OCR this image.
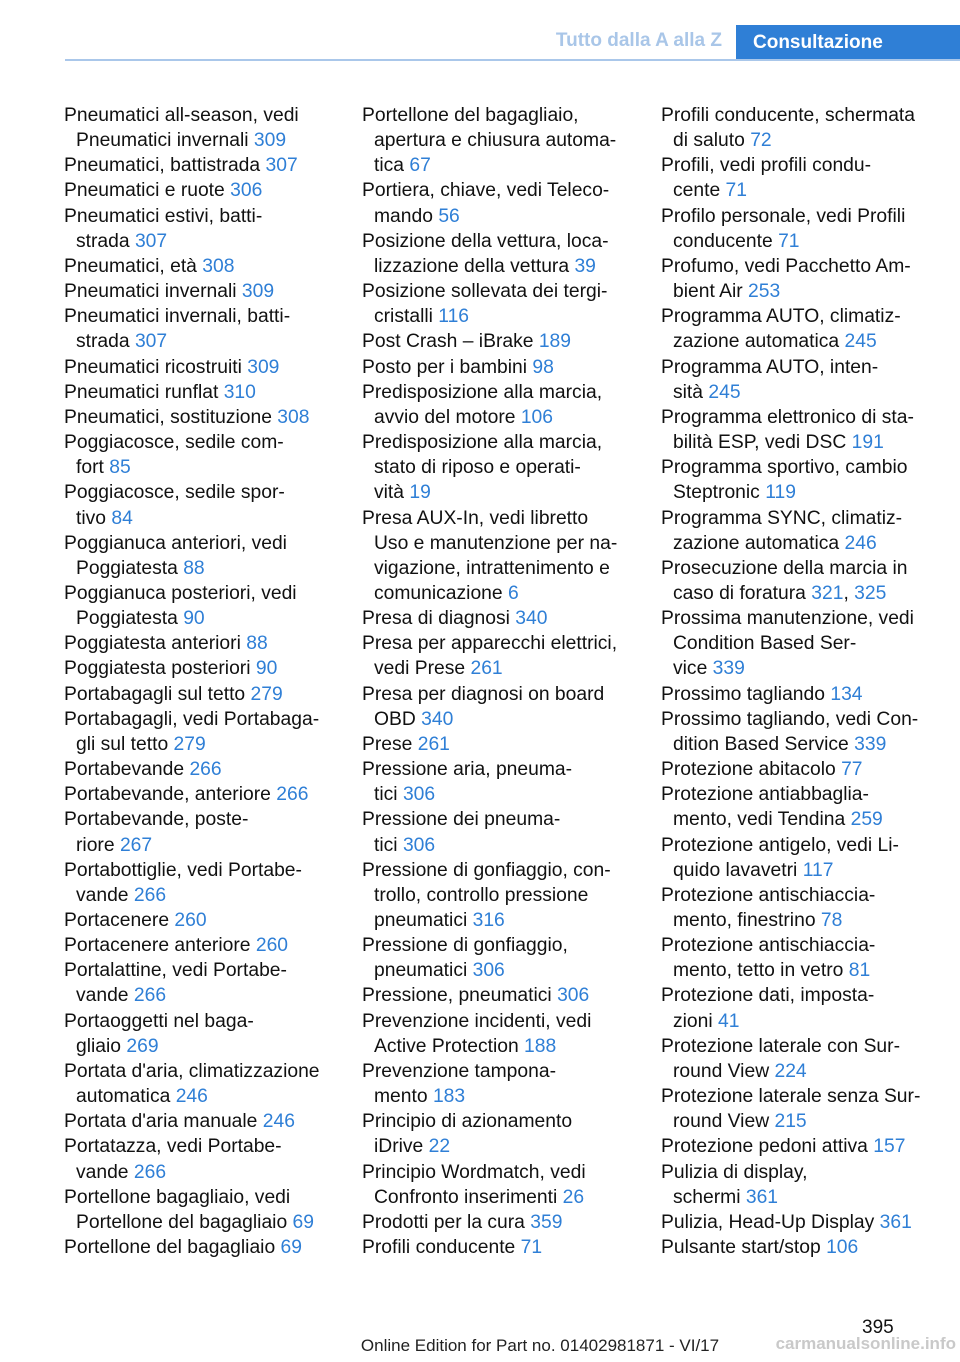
Tutto dalla A alla Z	Consultazione
Pneumatici all-season, vedi
Pneumatici invernali 309
Pneumatici, battistrada 307
Pneumatici e ruote 306
Pneumatici estivi, batti-
strada 307
Pneumatici, età 308
Pneumatici invernali 309
Pneumatici invernali, batti-
strada 307
Pneumatici ricostruiti 309
Pneumatici runflat 310
Pneumatici, sostituzione 308
Poggiacosce, sedile com-
fort 85
Poggiacosce, sedile spor-
tivo 84
Poggianuca anteriori, vedi
Poggiatesta 88
Poggianuca posteriori, vedi
Poggiatesta 90
Poggiatesta anteriori 88
Poggiatesta posteriori 90
Portabagagli sul tetto 279
Portabagagli, vedi Portabaga-
gli sul tetto 279
Portabevande 266
Portabevande, anteriore 266
Portabevande, poste-
riore 267
Portabottiglie, vedi Portabe-
vande 266
Portacenere 260
Portacenere anteriore 260
Portalattine, vedi Portabe-
vande 266
Portaoggetti nel baga-
gliaio 269
Portata d'aria, climatizzazione
automatica 246
Portata d'aria manuale 246
Portatazza, vedi Portabe-
vande 266
Portellone bagagliaio, vedi
Portellone del bagagliaio 69
Portellone del bagagliaio 69
Portellone del bagagliaio,
apertura e chiusura automa-
tica 67
Portiera, chiave, vedi Teleco-
mando 56
Posizione della vettura, loca-
lizzazione della vettura 39
Posizione sollevata dei tergi-
cristalli 116
Post Crash – iBrake 189
Posto per i bambini 98
Predisposizione alla marcia,
avvio del motore 106
Predisposizione alla marcia,
stato di riposo e operati-
vità 19
Presa AUX-In, vedi libretto
Uso e manutenzione per na-
vigazione, intrattenimento e
comunicazione 6
Presa di diagnosi 340
Presa per apparecchi elettrici,
vedi Prese 261
Presa per diagnosi on board
OBD 340
Prese 261
Pressione aria, pneuma-
tici 306
Pressione dei pneuma-
tici 306
Pressione di gonfiaggio, con-
trollo, controllo pressione
pneumatici 316
Pressione di gonfiaggio,
pneumatici 306
Pressione, pneumatici 306
Prevenzione incidenti, vedi
Active Protection 188
Prevenzione tampona-
mento 183
Principio di azionamento
iDrive 22
Principio Wordmatch, vedi
Confronto inserimenti 26
Prodotti per la cura 359
Profili conducente 71
Profili conducente, schermata
di saluto 72
Profili, vedi profili condu-
cente 71
Profilo personale, vedi Profili
conducente 71
Profumo, vedi Pacchetto Am-
bient Air 253
Programma AUTO, climatiz-
zazione automatica 245
Programma AUTO, inten-
sità 245
Programma elettronico di sta-
bilità ESP, vedi DSC 191
Programma sportivo, cambio
Steptronic 119
Programma SYNC, climatiz-
zazione automatica 246
Prosecuzione della marcia in
caso di foratura 321, 325
Prossima manutenzione, vedi
Condition Based Ser-
vice 339
Prossimo tagliando 134
Prossimo tagliando, vedi Con-
dition Based Service 339
Protezione abitacolo 77
Protezione antiabbaglia-
mento, vedi Tendina 259
Protezione antigelo, vedi Li-
quido lavavetri 117
Protezione antischiaccia-
mento, finestrino 78
Protezione antischiaccia-
mento, tetto in vetro 81
Protezione dati, imposta-
zioni 41
Protezione laterale con Sur-
round View 224
Protezione laterale senza Sur-
round View 215
Protezione pedoni attiva 157
Pulizia di display,
schermi 361
Pulizia, Head-Up Display 361
Pulsante start/stop 106
395
Online Edition for Part no. 01402981871 - VI/17	carmanualsonline.info
